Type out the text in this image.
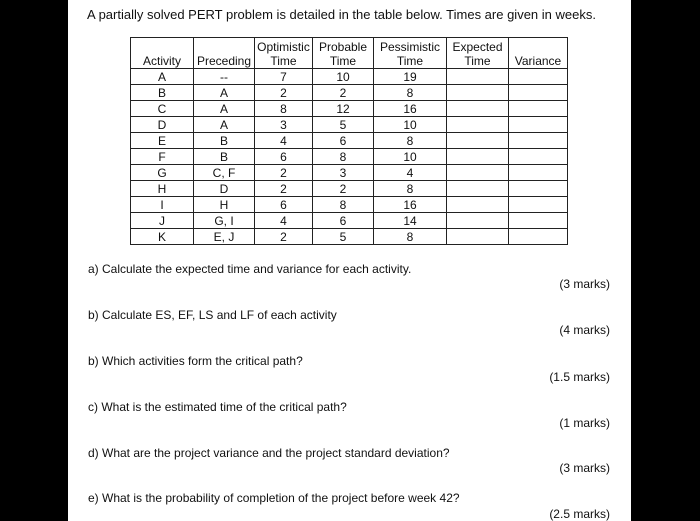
A partially solved PERT problem is detailed in the table below. Times are given in weeks.
Activity	Preceding	Optimistic Time	Probable Time	Pessimistic Time	Expected Time	Variance
A	--	7	10	19		
B	A	2	2	8		
C	A	8	12	16		
D	A	3	5	10		
E	B	4	6	8		
F	B	6	8	10		
G	C, F	2	3	4		
H	D	2	2	8		
I	H	6	8	16		
J	G, I	4	6	14		
K	E, J	2	5	8		
a) Calculate the expected time and variance for each activity.
(3 marks)
b) Calculate ES, EF, LS and LF of each activity
(4 marks)
b) Which activities form the critical path?
(1.5 marks)
c) What is the estimated time of the critical path?
(1 marks)
d) What are the project variance and the project standard deviation?
(3 marks)
e) What is the probability of completion of the project before week 42?
(2.5 marks)
